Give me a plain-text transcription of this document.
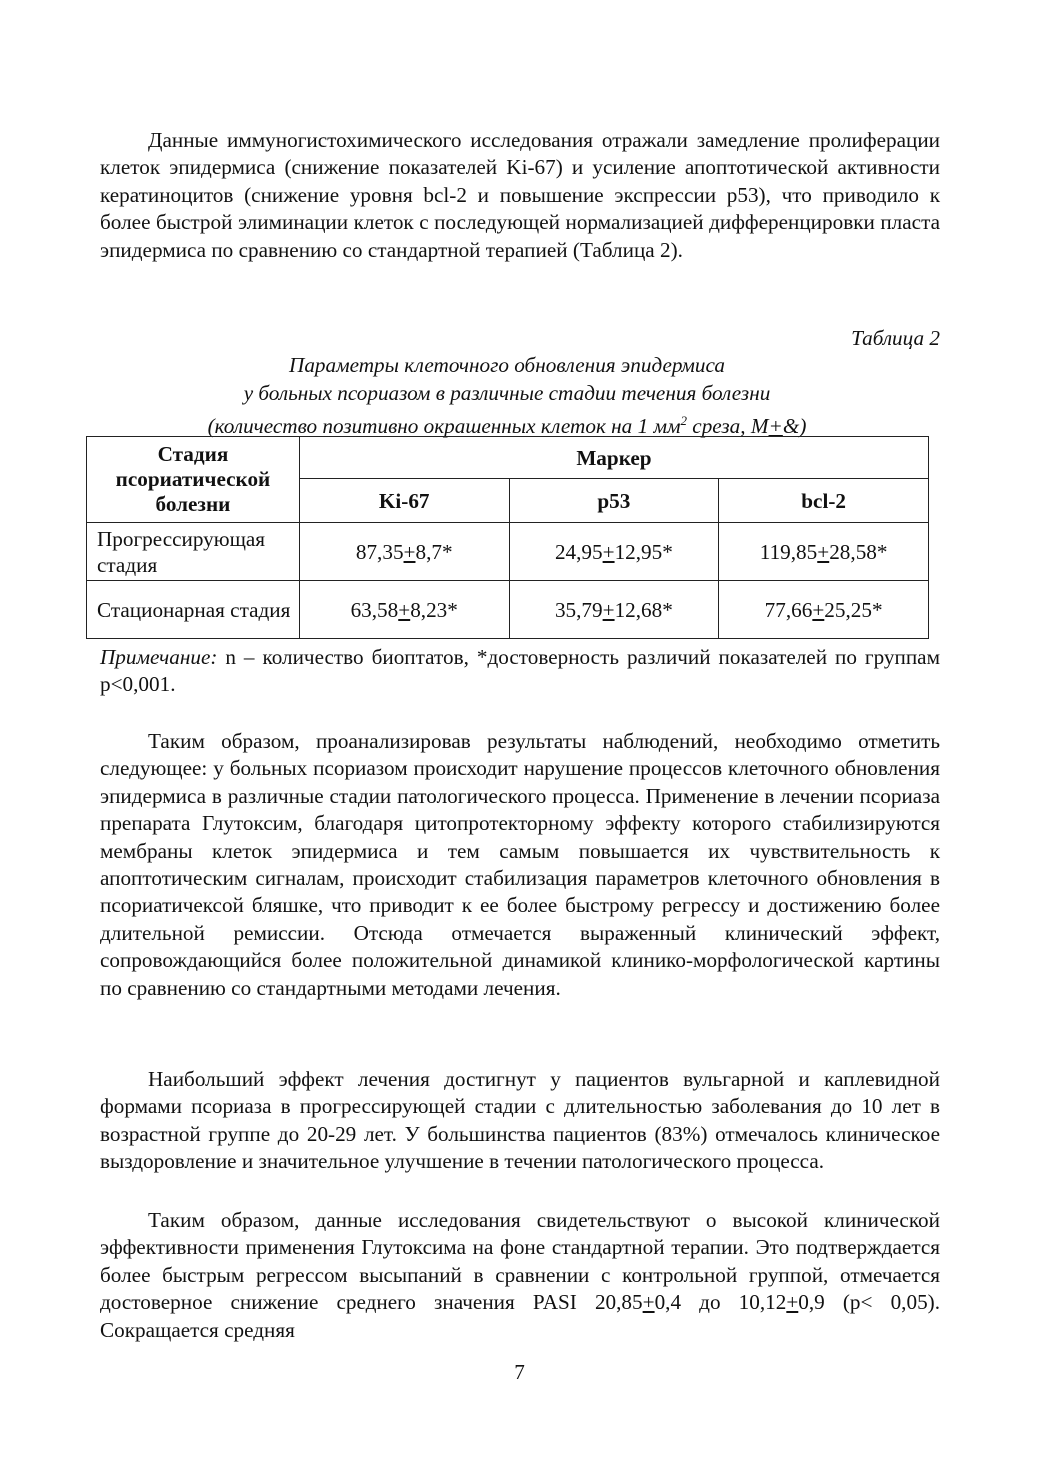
Данные иммуногистохимического исследования отражали замедление пролиферации клеток эпидермиса (снижение показателей Ki-67) и усиление апоптотической активности кератиноцитов (снижение уровня bcl-2 и повышение экспрессии p53), что приводило к более быстрой элиминации клеток с последующей нормализацией дифференцировки пласта эпидермиса по сравнению со стандартной терапией (Таблица 2).

Таблица 2
Параметры клеточного обновления эпидермиса
у больных псориазом в различные стадии течения болезни
(количество позитивно окрашенных клеток на 1 $мм^2$ среза, M+&)
Стадия псориатической болезни	Маркер		
	Ki-67	p53	bcl-2
Прогрессирующая стадия	87,35+8,7*	24,95+12,95*	119,85+28,58*
Стационарная стадия	63,58+8,23*	35,79+12,68*	77,66+25,25*

Примечание: n – количество биоптатов, *достоверность различий показателей по группам p<0,001.

Таким образом, проанализировав результаты наблюдений, необходимо отметить следующее: у больных псориазом происходит нарушение процессов клеточного обновления эпидермиса в различные стадии патологического процесса. Применение в лечении псориаза препарата Глутоксим, благодаря цитопротекторному эффекту которого стабилизируются мембраны клеток эпидермиса и тем самым повышается их чувствительность к апоптотическим сигналам, происходит стабилизация параметров клеточного обновления в псориатичексой бляшке, что приводит к ее более быстрому регрессу и достижению более длительной ремиссии. Отсюда отмечается выраженный клинический эффект, сопровождающийся более положительной динамикой клинико-морфологической картины по сравнению со стандартными методами лечения.

Наибольший эффект лечения достигнут у пациентов вульгарной и каплевидной формами псориаза в прогрессирующей стадии с длительностью заболевания до 10 лет в возрастной группе до 20-29 лет. У большинства пациентов (83%) отмечалось клиническое выздоровление и значительное улучшение в течении патологического процесса.

Таким образом, данные исследования свидетельствуют о высокой клинической эффективности применения Глутоксима на фоне стандартной терапии. Это подтверждается более быстрым регрессом высыпаний в сравнении с контрольной группой, отмечается достоверное снижение среднего значения PASI 20,85+0,4 до 10,12+0,9 (p< 0,05). Сокращается средняя

7
